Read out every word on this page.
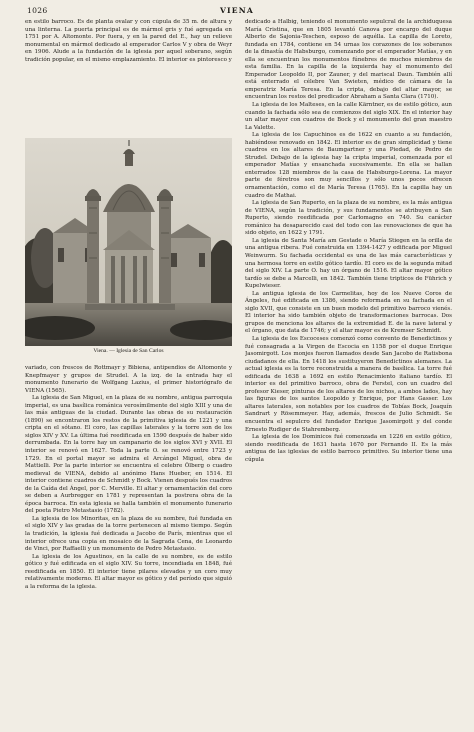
1026	VIENA

en estilo barroco. Es de planta ovalar y con cúpula de 35 m. de altura y una linterna. La puerta principal es de mármol gris y fué agregada en 1751 por A. Altomonte. Por fuera, y en la pared del E., hay un relieve monumental en mármol dedicado al emperador Carlos V y obra de Weyr en 1906. Alude a la fundación de la iglesia por aquel soberano, según tradición popular, en el mismo emplazamiento. El interior es pintoresco y

Viena. — Iglesia de San Carlos

variado, con frescos de Rottmayr y Bibiena, antipendios de Altomonte y Knepfmayer y grupos de Strudel. A la izq. de la entrada hay el monumento funerario de Wolfgang Lazius, el primer historiógrafo de VIENA (1565).

La iglesia de San Miguel, en la plaza de su nombre, antigua parroquia imperial, es una basílica románica verosímilmente del siglo XIII y una de las más antiguas de la ciudad. Durante las obras de su restauración (1890) se encontraron los restos de la primitiva iglesia de 1221 y una cripta en el sótano. El coro, las capillas laterales y la torre son de los siglos XIV y XV. La última fué reedificada en 1590 después de haber sido derrumbada. En la torre hay un campanario de los siglos XVI y XVII. El interior se renovó en 1627. Toda la parte O. se renovó entre 1723 y 1729. En el portal mayor se admira el Arcángel Miguel, obra de Mattielli. Por la parte interior se encuentra el celebre Ölberg o cuadro medieval de VIENA, debido al anónimo Hans Hueber, en 1514. El interior contiene cuadros de Schmidt y Bock. Vienen después los cuadros de la Caída del Ángel, por C. Merville. El altar y ornamentación del coro se deben a Aurbregger en 1781 y representan la postrera obra de la época barroca. En esta iglesia se halla también el monumento funerario del poeta Pietro Metastasio (1782).

La iglesia de los Minoritas, en la plaza de su nombre, fué fundada en el siglo XIV y las gradas de la torre pertenecen al mismo tiempo. Según la tradición, la iglesia fué dedicada a Jacobo de París, mientras que el interior ofrece una copia en mosaico de la Sagrada Cena, de Leonardo de Vinci, por Raffaelli y un monumento de Pedro Metastasio.

La iglesia de los Agustinos, en la calle de su nombre, es de estilo gótico y fué edificada en el siglo XIV. Su torre, incendiada en 1848, fué reedificada en 1850. El interior tiene pilares elevados y un coro muy relativamente moderno. El altar mayor es gótico y del período que siguió a la reforma de la iglesia.

dedicado a Halbig, teniendo el monumento sepulcral de la archiduquesa María Cristina, que en 1805 levantó Canova por encargo del duque Alberto de Sajonia-Teschen, esposo de aquélla. La capilla de Loreto, fundada en 1784, contiene en 54 urnas los corazones de los soberanos de la dinastía de Habsburgo, comenzando por el emperador Matías, y en ella se encuentran los monumentos fúnebres de muchos miembros de esta familia. En la capilla de la izquierda hay el monumento del Emperador Leopoldo II, por Zauner, y del mariscal Daun. También allí está enterrado el célebre Van Swieten, médico de cámara de la emperatriz María Teresa. En la cripta, debajo del altar mayor, se encuentran los restos del predicador Abraham a Santa Clara (1710).

La iglesia de los Malteses, en la calle Kärntner, es de estilo gótico, aun cuando la fachada sólo sea de comienzos del siglo XIX. En el interior hay un altar mayor con cuadros de Bock y el monumento del gran maestro La Valette.

La iglesia de los Capuchinos es de 1622 en cuanto a su fundación, habiéndose renovado en 1842. El interior es de gran simplicidad y tiene cuadros en los altares de Baumgartner y una Piedad, de Pedro de Strudel. Debajo de la iglesia hay la cripta imperial, comenzada por el emperador Matías y ensanchada sucesivamente. En ella se hallan enterrados 128 miembros de la casa de Habsburgo-Lorena. La mayor parte de féretros son muy sencillos y sólo unos pocos ofrecen ornamentación, como el de María Teresa (1765). En la capilla hay un cuadro de Mathai.

La iglesia de San Ruperto, en la plaza de su nombre, es la más antigua de VIENA, según la tradición, y sus fundamentos se atribuyen a San Ruperto, siendo reedificada por Carlomagno en 740. Su carácter románico ha desaparecido casi del todo con las renovaciones de que ha sido objeto, en 1622 y 1791.

La iglesia de Santa María am Gestade o María Stiegen en la orilla de una antigua ribera. Fué construida en 1394-1427 y edificada por Miguel Weinwurm. Su fachada occidental es una de las más características y una hermosa torre en estilo gótico tardío. El coro es de la segunda mitad del siglo XIV. La parte O. hay un órgano de 1516. El altar mayor gótico tardío se debe a Marcelli, en 1842. También tiene tripticos de Führich y Kupelwieser.

La antigua iglesia de los Carmelitas, hoy de los Nueve Coros de Ángeles, fué edificada en 1386, siendo reformada en su fachada en el siglo XVII, que consiste en un buen modelo del primitivo barroco vienés. El interior ha sido también objeto de transformaciones barrocas. Dos grupos de menciona los altares de la extremidad E. de la nave lateral y el órgano, que data de 1746; y el altar mayor es de Kremser Schmidt.

La iglesia de los Escoceses comenzó como convento de Benedictinos y fué consagrada a la Virgen de Escocia en 1158 por el duque Enrique Jasomirgott. Los monjes fueron llamados desde San Jacobo de Ratisbona ciudadanos de ella. En 1418 los sustituyeron Benedictinos alemanes. La actual iglesia es la torre reconstruida a manera de basílica. La torre fué edificada de 1638 a 1692 en estilo Renacimiento italiano tardío. El interior es del primitivo barroco, obra de Ferstel, con un cuadro del profesor Kieser, pinturas de los altares de los nichos, a ambos lados, hay las figuras de los santos Leopoldo y Enrique, por Hans Gasser. Los altares laterales, son notables por los cuadros de Tobías Bock, Joaquín Sandrart y Rösemmeyer. Hay, además, frescos de Julio Schmidt. Se encuentra el sepulcro del fundador Enrique Jasomirgott y del conde Ernesto Rudiger de Stahremberg.

La iglesia de los Dominicos fué comenzada en 1226 en estilo gótico, siendo reedificada de 1631 hasta 1670 por Fernando II. Es la más antigua de las iglesias de estilo barroco primitivo. Su interior tiene una cúpula
